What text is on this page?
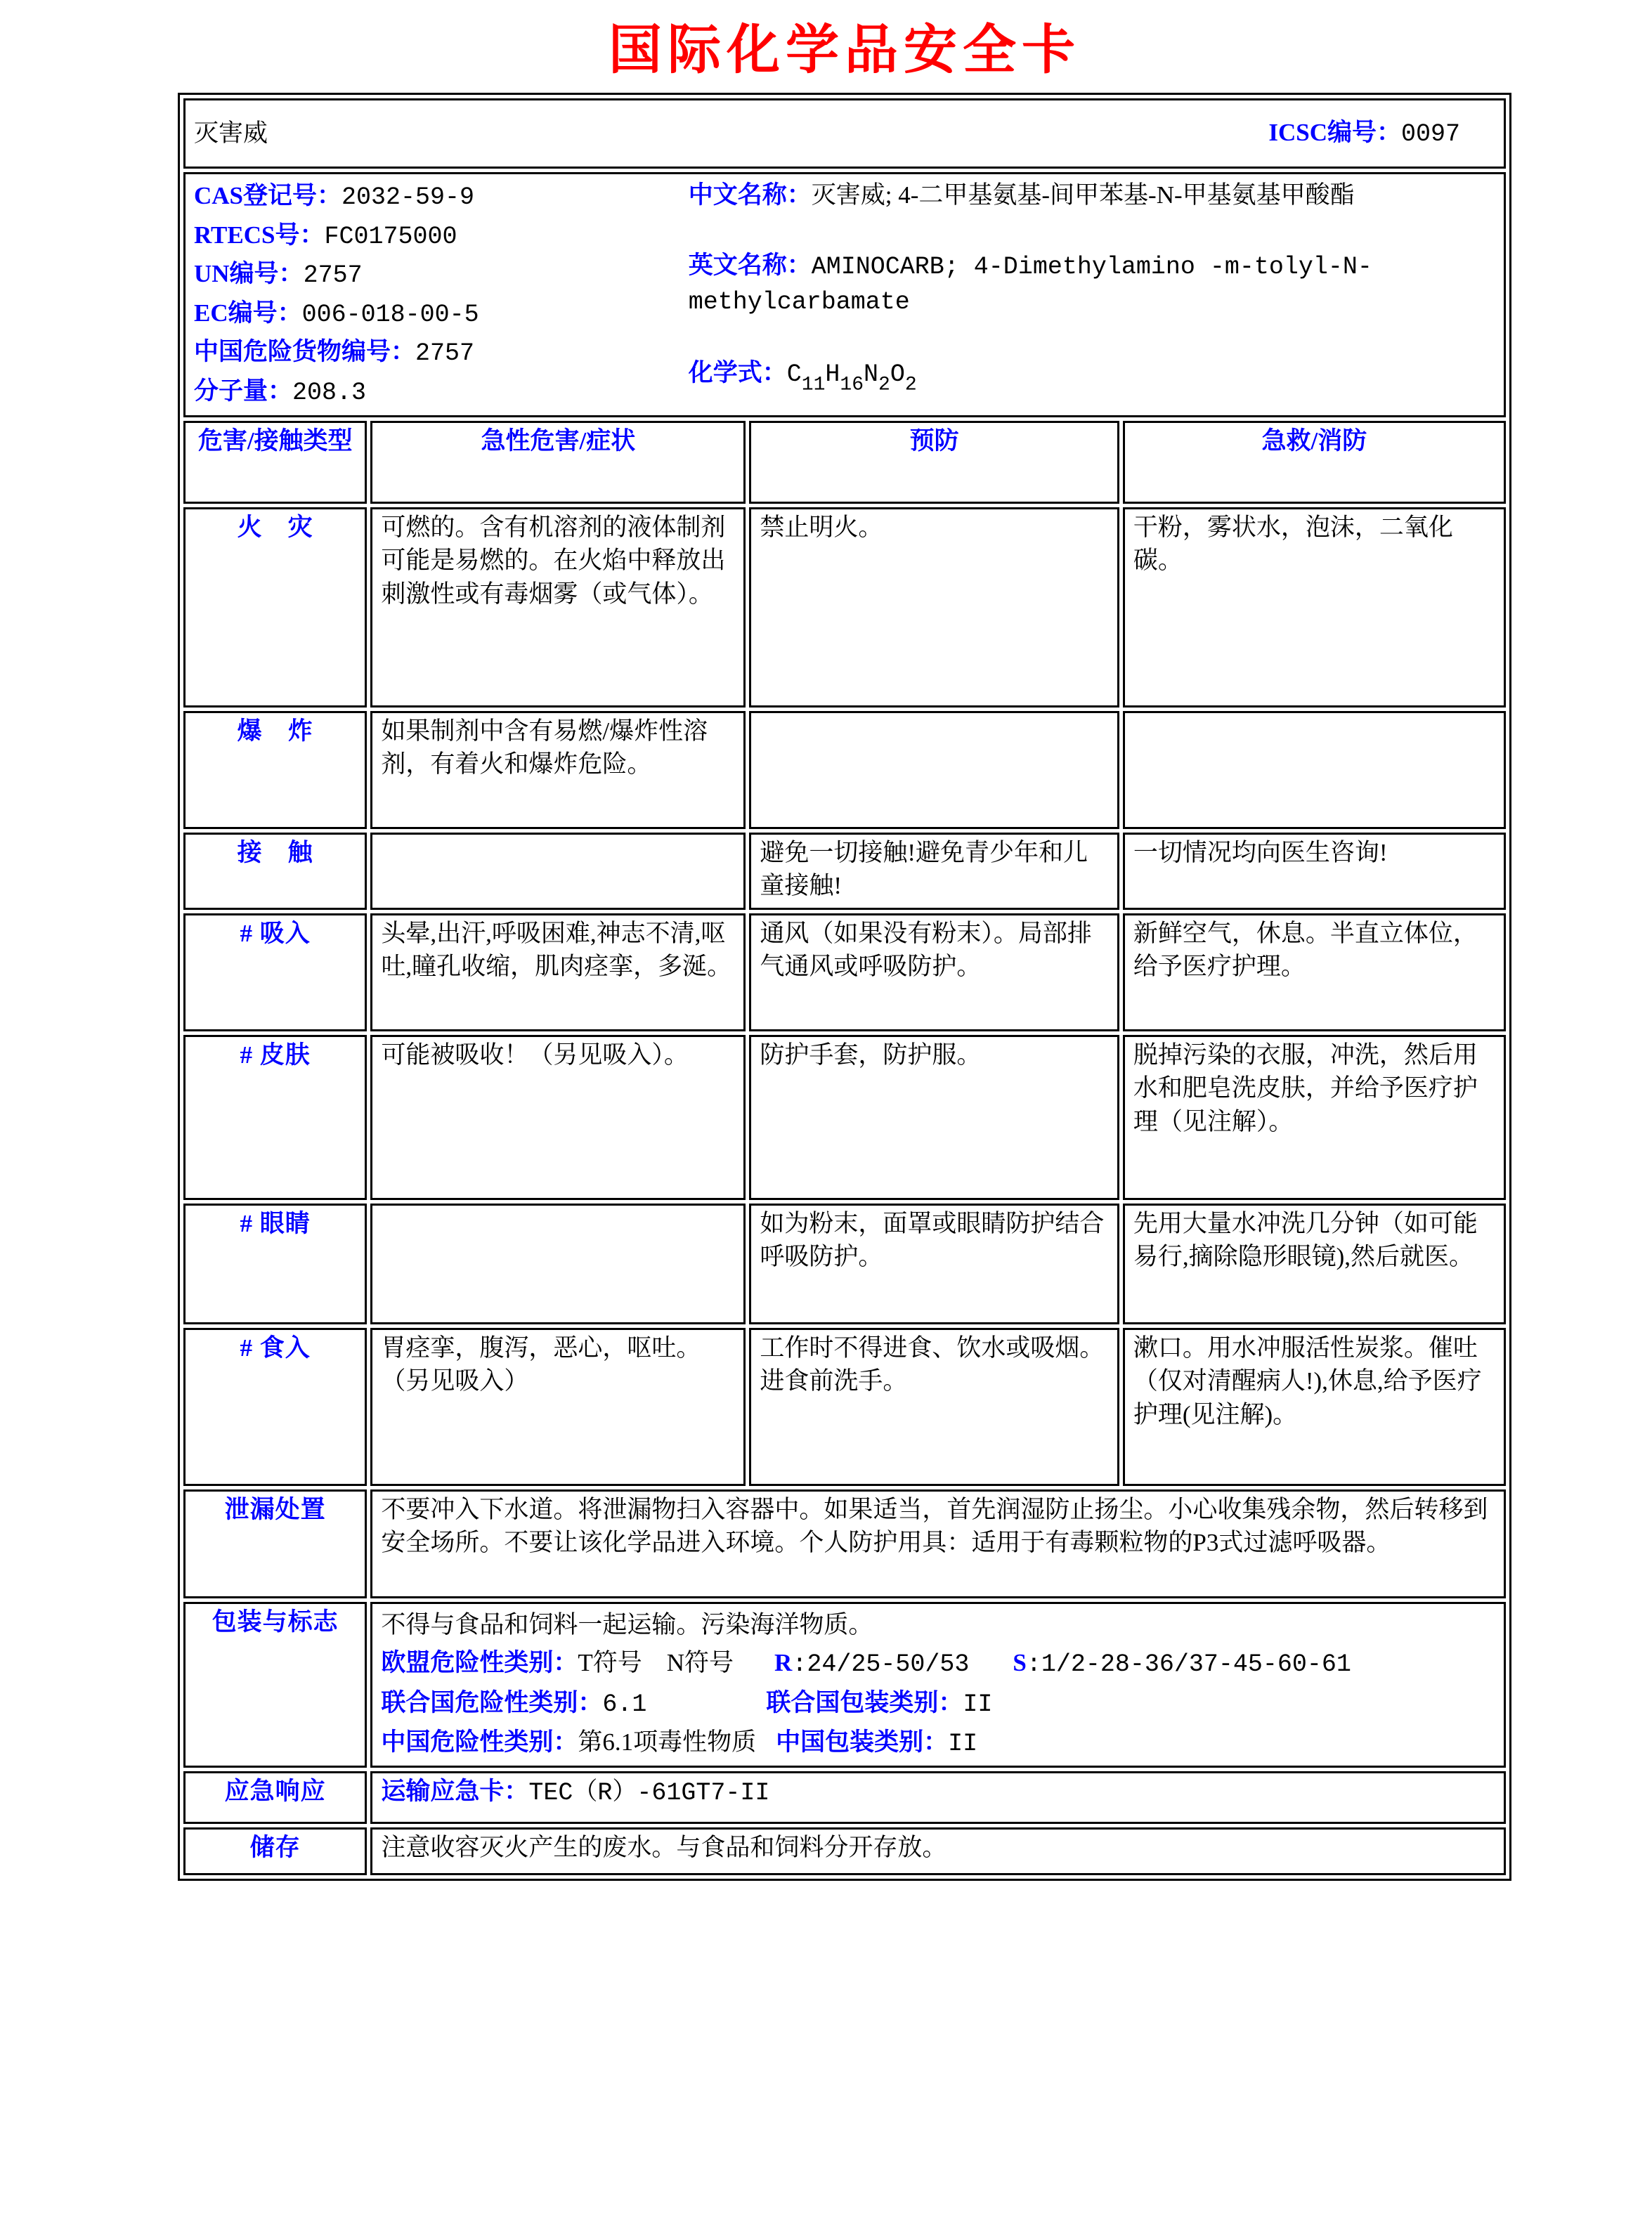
国际化学品安全卡
灭害威 ICSC编号：0097			

CAS登记号：2032-59-9
RTECS号：FC0175000
UN编号：2757
EC编号：006-018-00-5
中国危险货物编号：2757
分子量：208.3
中文名称：灭害威; 4-二甲基氨基-间甲苯基-N-甲基氨基甲酸酯
英文名称：AMINOCARB; 4-Dimethylamino -m-tolyl-N-methylcarbamate
化学式：$C_{11}H_{16}N_2O_2$

危害/接触类型	急性危害/症状	预防	急救/消防
火　灾	可燃的。含有机溶剂的液体制剂可能是易燃的。在火焰中释放出刺激性或有毒烟雾（或气体）。	禁止明火。	干粉，雾状水，泡沫，二氧化碳。
爆　炸	如果制剂中含有易燃/爆炸性溶剂，有着火和爆炸危险。		
接　触		避免一切接触!避免青少年和儿童接触!	一切情况均向医生咨询!
# 吸入	头晕,出汗,呼吸困难,神志不清,呕吐,瞳孔收缩，肌肉痉挛，多涎。	通风（如果没有粉末）。局部排气通风或呼吸防护。	新鲜空气，休息。半直立体位，给予医疗护理。
# 皮肤	可能被吸收！（另见吸入）。	防护手套，防护服。	脱掉污染的衣服，冲洗，然后用水和肥皂洗皮肤，并给予医疗护理（见注解）。
# 眼睛		如为粉末，面罩或眼睛防护结合呼吸防护。	先用大量水冲洗几分钟（如可能易行,摘除隐形眼镜),然后就医。
# 食入	胃痉挛，腹泻，恶心，呕吐。（另见吸入）	工作时不得进食、饮水或吸烟。进食前洗手。	漱口。用水冲服活性炭浆。催吐（仅对清醒病人!),休息,给予医疗护理(见注解)。
泄漏处置	不要冲入下水道。将泄漏物扫入容器中。如果适当，首先润湿防止扬尘。小心收集残余物，然后转移到安全场所。不要让该化学品进入环境。个人防护用具：适用于有毒颗粒物的P3式过滤呼吸器。		
包装与标志	不得与食品和饲料一起运输。污染海洋物质。
欧盟危险性类别：T符号　N符号 R:24/25-50/53 S:1/2-28-36/37-45-60-61
联合国危险性类别：6.1 联合国包装类别：II
中国危险性类别：第6.1项毒性物质 中国包装类别：II		

应急响应	运输应急卡：TEC（R）-61GT7-II		
储存	注意收容灭火产生的废水。与食品和饲料分开存放。		
